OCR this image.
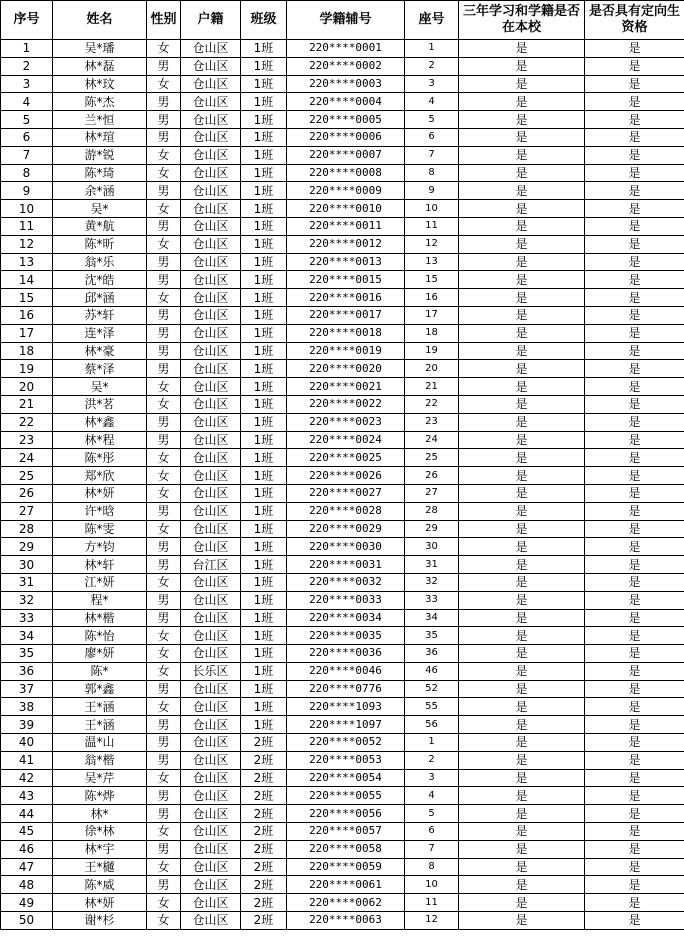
序号	姓名	性别	户籍	班级	学籍辅号	座号	三年学习和学籍是否在本校	是否具有定向生资格
1	吴*璠	女	仓山区	1班	220****0001	1	是	是
2	林*磊	男	仓山区	1班	220****0002	2	是	是
3	林*玟	女	仓山区	1班	220****0003	3	是	是
4	陈*杰	男	仓山区	1班	220****0004	4	是	是
5	兰*恒	男	仓山区	1班	220****0005	5	是	是
6	林*瑄	男	仓山区	1班	220****0006	6	是	是
7	游*锐	女	仓山区	1班	220****0007	7	是	是
8	陈*琦	女	仓山区	1班	220****0008	8	是	是
9	余*涵	男	仓山区	1班	220****0009	9	是	是
10	吴*	女	仓山区	1班	220****0010	10	是	是
11	黄*航	男	仓山区	1班	220****0011	11	是	是
12	陈*昕	女	仓山区	1班	220****0012	12	是	是
13	翁*乐	男	仓山区	1班	220****0013	13	是	是
14	沈*皓	男	仓山区	1班	220****0015	15	是	是
15	邱*涵	女	仓山区	1班	220****0016	16	是	是
16	苏*轩	男	仓山区	1班	220****0017	17	是	是
17	连*泽	男	仓山区	1班	220****0018	18	是	是
18	林*豪	男	仓山区	1班	220****0019	19	是	是
19	蔡*泽	男	仓山区	1班	220****0020	20	是	是
20	吴*	女	仓山区	1班	220****0021	21	是	是
21	洪*茗	女	仓山区	1班	220****0022	22	是	是
22	林*鑫	男	仓山区	1班	220****0023	23	是	是
23	林*程	男	仓山区	1班	220****0024	24	是	是
24	陈*彤	女	仓山区	1班	220****0025	25	是	是
25	郑*欣	女	仓山区	1班	220****0026	26	是	是
26	林*妍	女	仓山区	1班	220****0027	27	是	是
27	许*晗	男	仓山区	1班	220****0028	28	是	是
28	陈*雯	女	仓山区	1班	220****0029	29	是	是
29	方*钧	男	仓山区	1班	220****0030	30	是	是
30	林*轩	男	台江区	1班	220****0031	31	是	是
31	江*妍	女	仓山区	1班	220****0032	32	是	是
32	程*	男	仓山区	1班	220****0033	33	是	是
33	林*楷	男	仓山区	1班	220****0034	34	是	是
34	陈*怡	女	仓山区	1班	220****0035	35	是	是
35	廖*妍	女	仓山区	1班	220****0036	36	是	是
36	陈*	女	长乐区	1班	220****0046	46	是	是
37	郭*鑫	男	仓山区	1班	220****0776	52	是	是
38	王*涵	女	仓山区	1班	220****1093	55	是	是
39	王*涵	男	仓山区	1班	220****1097	56	是	是
40	温*山	男	仓山区	2班	220****0052	1	是	是
41	翁*楷	男	仓山区	2班	220****0053	2	是	是
42	吴*芹	女	仓山区	2班	220****0054	3	是	是
43	陈*烨	男	仓山区	2班	220****0055	4	是	是
44	林*	男	仓山区	2班	220****0056	5	是	是
45	徐*林	女	仓山区	2班	220****0057	6	是	是
46	林*宇	男	仓山区	2班	220****0058	7	是	是
47	王*樾	女	仓山区	2班	220****0059	8	是	是
48	陈*威	男	仓山区	2班	220****0061	10	是	是
49	林*妍	女	仓山区	2班	220****0062	11	是	是
50	谢*杉	女	仓山区	2班	220****0063	12	是	是
